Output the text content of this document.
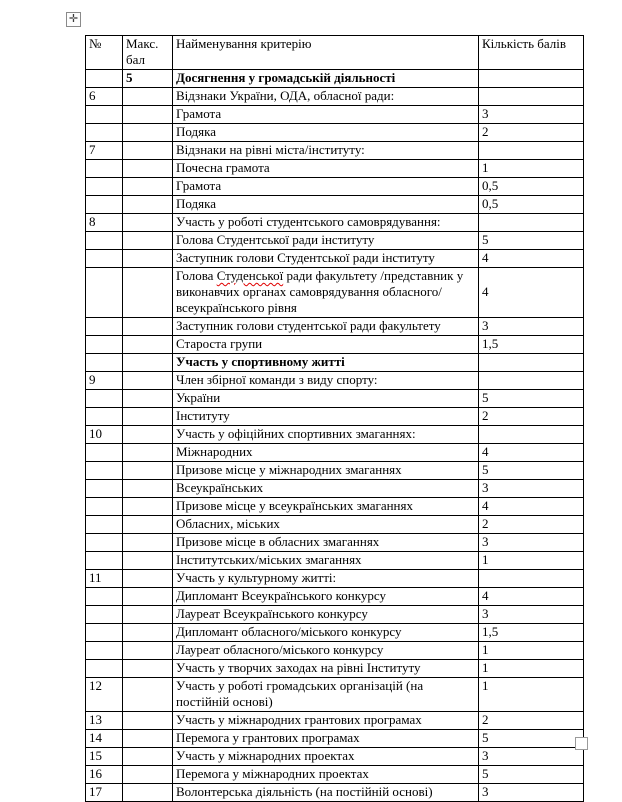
✛
№	Макс. бал	Найменування критерію	Кількість балів
	5	Досягнення у громадській діяльності	
6		Відзнаки України, ОДА, обласної ради:	
		Грамота	3
		Подяка	2
7		Відзнаки на рівні міста/інституту:	
		Почесна грамота	1
		Грамота	0,5
		Подяка	0,5
8		Участь у роботі студентського самоврядування:	
		Голова Студентської ради інституту	5
		Заступник голови Студентської ради інституту	4
		Голова Студенської ради факультету /представник у виконавчих органах самоврядування обласного/всеукраїнського рівня	4
		Заступник голови студентської ради факультету	3
		Староста групи	1,5
		Участь у спортивному житті	
9		Член збірної команди з виду спорту:	
		України	5
		Інституту	2
10		Участь у офіційних спортивних змаганнях:	
		Міжнародних	4
		Призове місце у міжнародних змаганнях	5
		Всеукраїнських	3
		Призове місце у всеукраїнських змаганнях	4
		Обласних, міських	2
		Призове місце в обласних змаганнях	3
		Інститутських/міських змаганнях	1
11		Участь у культурному житті:	
		Дипломант Всеукраїнського конкурсу	4
		Лауреат Всеукраїнського конкурсу	3
		Дипломант обласного/міського конкурсу	1,5
		Лауреат обласного/міського конкурсу	1
		Участь у творчих заходах на рівні Інституту	1
12		Участь у роботі громадських організацій (на постійній основі)	1
13		Участь у міжнародних грантових програмах	2
14		Перемога у грантових програмах	5
15		Участь у міжнародних проектах	3
16		Перемога у міжнародних проектах	5
17		Волонтерська діяльність (на постійній основі)	3
